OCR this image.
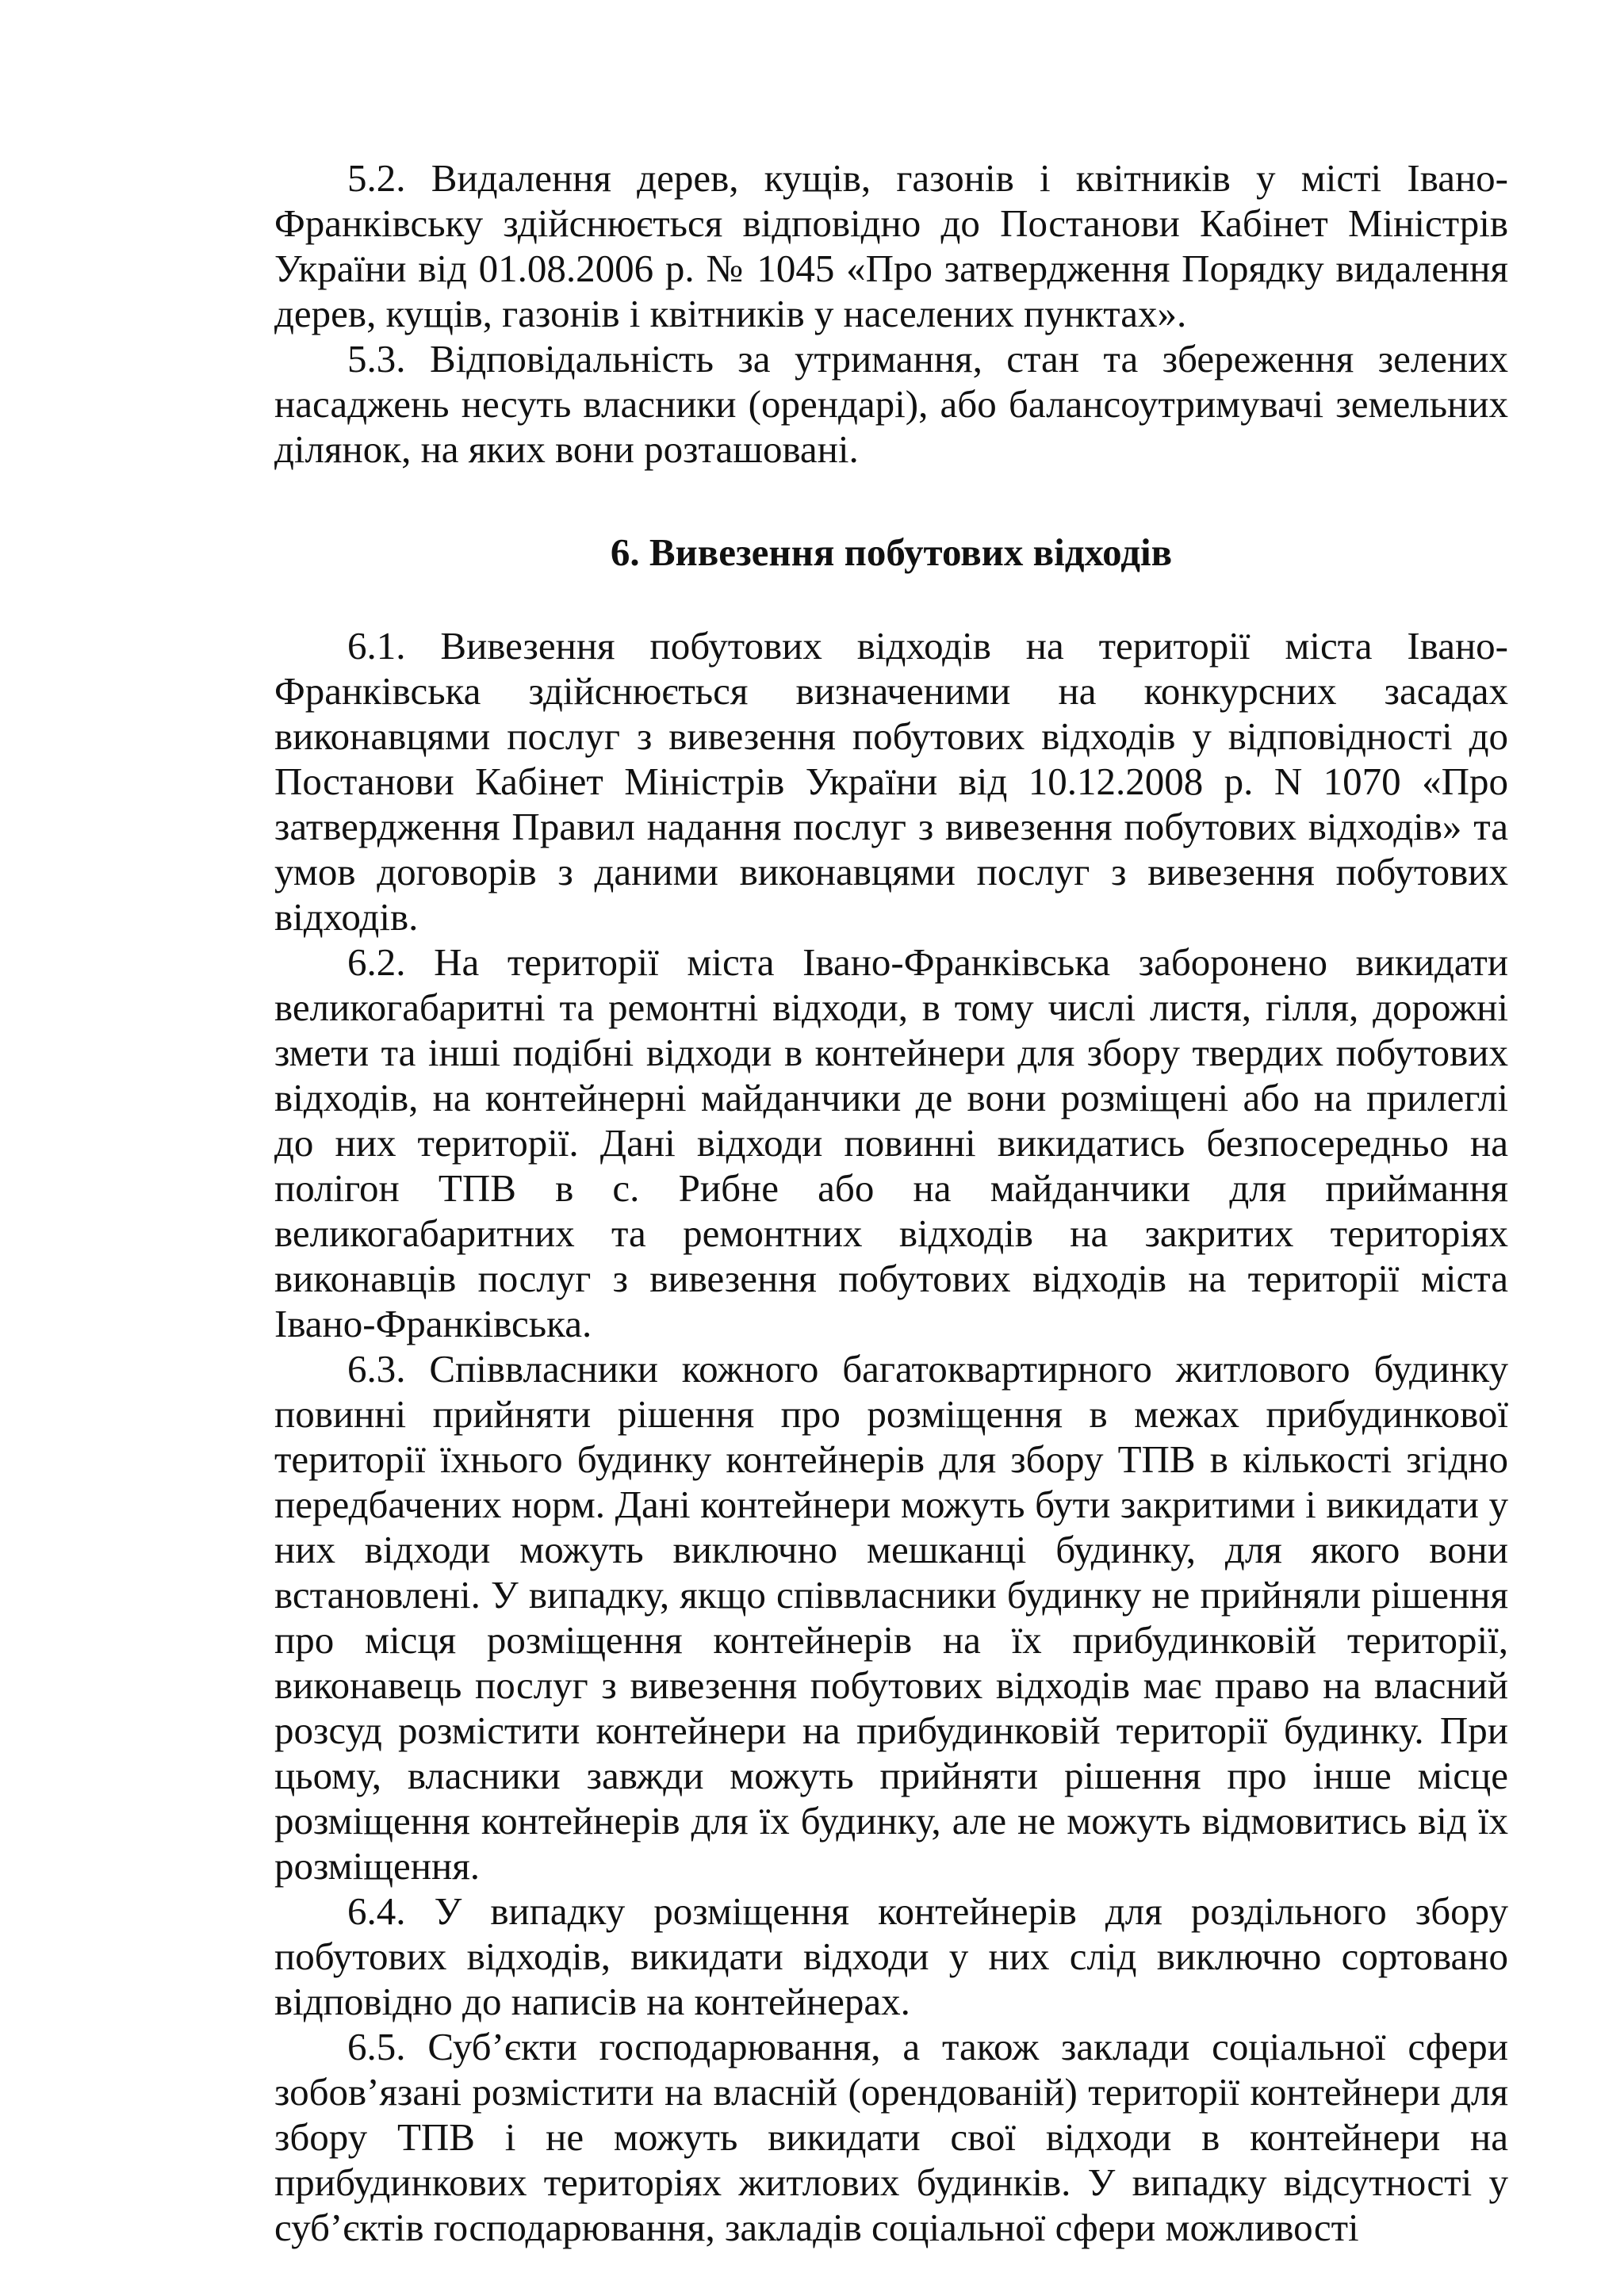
5.2. Видалення дерев, кущів, газонів і квітників у місті Івано-Франківську здійснюється відповідно до Постанови Кабінет Міністрів України від 01.08.2006 р. № 1045 «Про затвердження Порядку видалення дерев, кущів, газонів і квітників у населених пунктах».

5.3. Відповідальність за утримання, стан та збереження зелених насаджень несуть власники (орендарі), або балансоутримувачі земельних ділянок, на яких вони розташовані.

6. Вивезення побутових відходів

6.1. Вивезення побутових відходів на території міста Івано-Франківська здійснюється визначеними на конкурсних засадах виконавцями послуг з вивезення побутових відходів у відповідності до Постанови Кабінет Міністрів України від 10.12.2008 р. N 1070 «Про затвердження Правил надання послуг з вивезення побутових відходів» та умов договорів з даними виконавцями послуг з вивезення побутових відходів.

6.2. На території міста Івано-Франківська заборонено викидати великогабаритні та ремонтні відходи, в тому числі листя, гілля, дорожні змети та інші подібні відходи в контейнери для збору твердих побутових відходів, на контейнерні майданчики де вони розміщені або на прилеглі до них території. Дані відходи повинні викидатись безпосередньо на полігон ТПВ в с. Рибне або на майданчики для приймання великогабаритних та ремонтних відходів на закритих територіях виконавців послуг з вивезення побутових відходів на території міста Івано-Франківська.

6.3. Співвласники кожного багатоквартирного житлового будинку повинні прийняти рішення про розміщення в межах прибудинкової території їхнього будинку контейнерів для збору ТПВ в кількості згідно передбачених норм. Дані контейнери можуть бути закритими і викидати у них відходи можуть виключно мешканці будинку, для якого вони встановлені. У випадку, якщо співвласники будинку не прийняли рішення про місця розміщення контейнерів на їх прибудинковій території, виконавець послуг з вивезення побутових відходів має право на власний розсуд розмістити контейнери на прибудинковій території будинку. При цьому, власники завжди можуть прийняти рішення про інше місце розміщення контейнерів для їх будинку, але не можуть відмовитись від їх розміщення.

6.4. У випадку розміщення контейнерів для роздільного збору побутових відходів, викидати відходи у них слід виключно сортовано відповідно до написів на контейнерах.

6.5. Суб’єкти господарювання, а також заклади соціальної сфери зобов’язані розмістити на власній (орендованій) території контейнери для збору ТПВ і не можуть викидати свої відходи в контейнери на прибудинкових територіях житлових будинків. У випадку відсутності у суб’єктів господарювання, закладів соціальної сфери можливості
